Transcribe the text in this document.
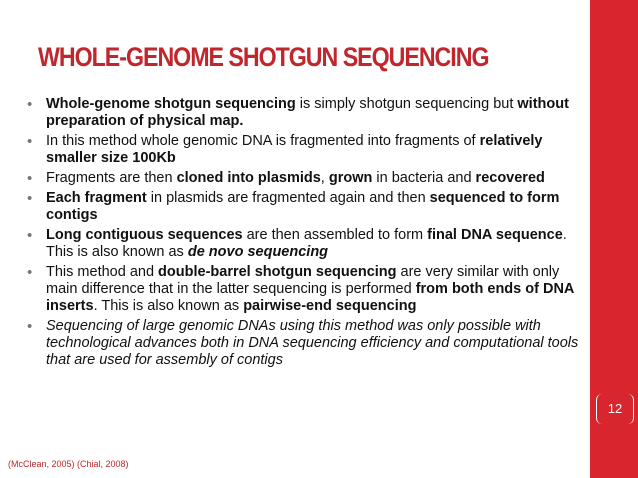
WHOLE-GENOME SHOTGUN SEQUENCING
• Whole-genome shotgun sequencing is simply shotgun sequencing but without preparation of physical map.
• In this method whole genomic DNA is fragmented into fragments of relatively smaller size 100Kb
• Fragments are then cloned into plasmids, grown in bacteria and recovered
• Each fragment in plasmids are fragmented again and then sequenced to form contigs
• Long contiguous sequences are then assembled to form final DNA sequence. This is also known as de novo sequencing
• This method and double-barrel shotgun sequencing are very similar with only main difference that in the latter sequencing is performed from both ends of DNA inserts. This is also known as pairwise-end sequencing
• Sequencing of large genomic DNAs using this method was only possible with technological advances both in DNA sequencing efficiency and computational tools that are used for assembly of contigs
12
(McClean, 2005) (Chial, 2008)
